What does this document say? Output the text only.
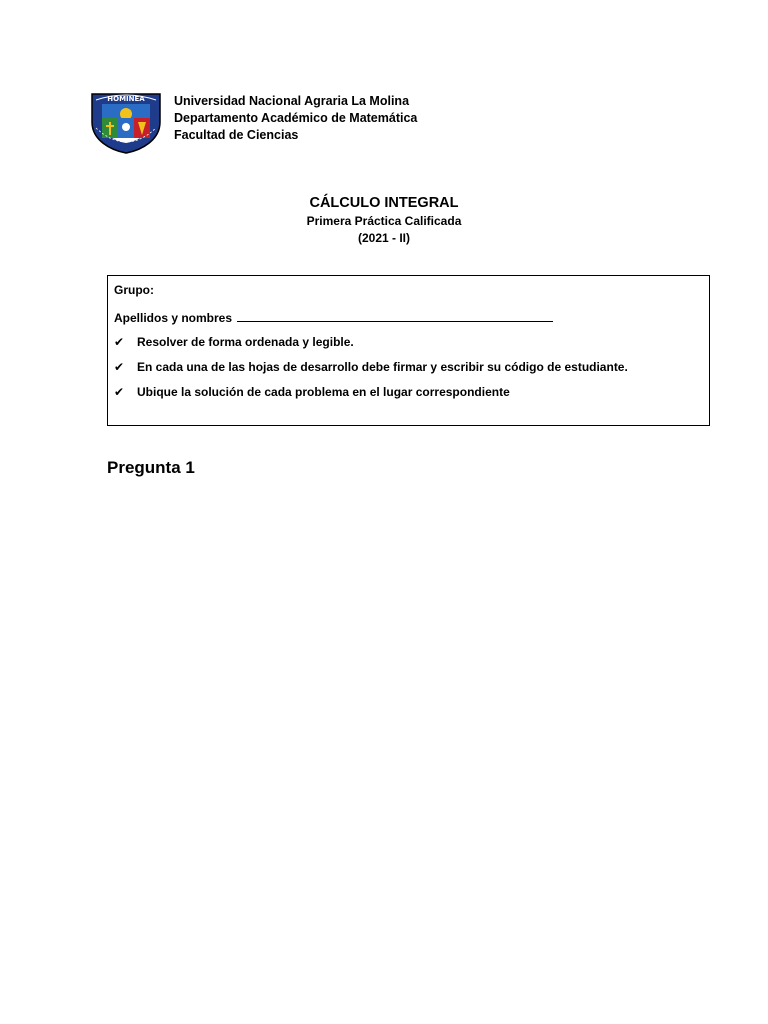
HOMINEA Universidad Nacional Agraria La Molina
Departamento Académico de Matemática
Facultad de Ciencias
CÁLCULO INTEGRAL
Primera Práctica Calificada
(2021 - II)
Grupo:
Apellidos y nombres
✔ Resolver de forma ordenada y legible.
✔ En cada una de las hojas de desarrollo debe firmar y escribir su código de estudiante.
✔ Ubique la solución de cada problema en el lugar correspondiente
Pregunta 1
